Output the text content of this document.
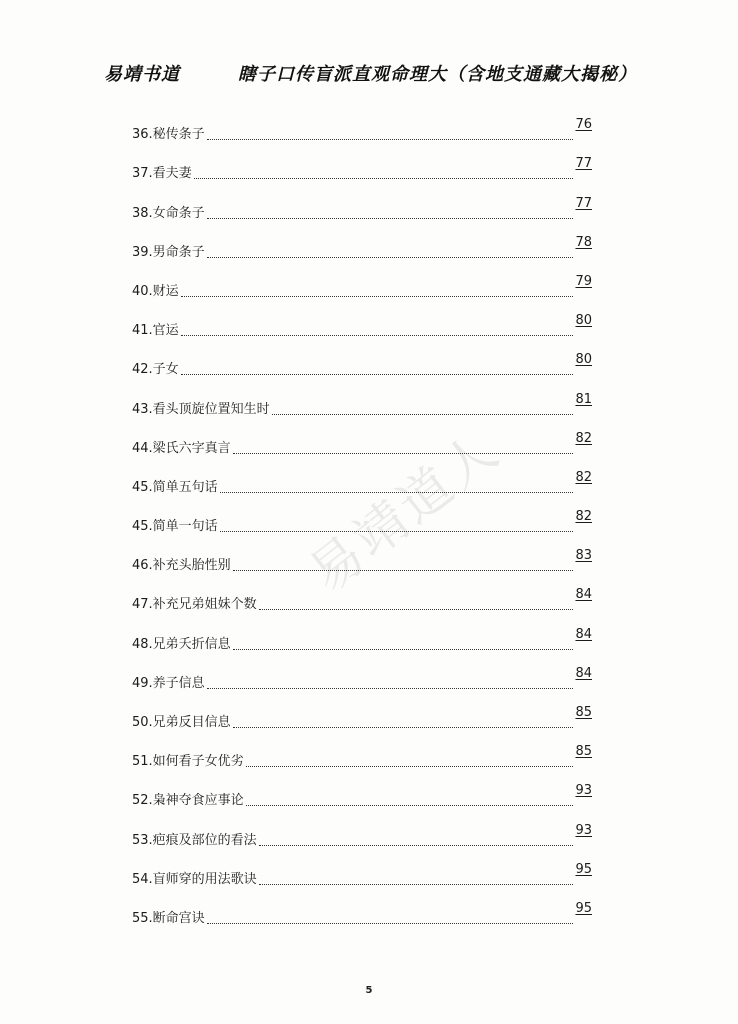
易靖书道	瞎子口传盲派直观命理大（含地支通藏大揭秘）
易靖道人
36.秘传条子
76
37.看夫妻
77
38.女命条子
77
39.男命条子
78
40.财运
79
41.官运
80
42.子女
80
43.看头顶旋位置知生时
81
44.梁氏六字真言
82
45.简单五句话
82
45.简单一句话
82
46.补充头胎性别
83
47.补充兄弟姐妹个数
84
48.兄弟夭折信息
84
49.养子信息
84
50.兄弟反目信息
85
51.如何看子女优劣
85
52.枭神夺食应事论
93
53.疤痕及部位的看法
93
54.盲师穿的用法歌诀
95
55.断命宫诀
95
5
